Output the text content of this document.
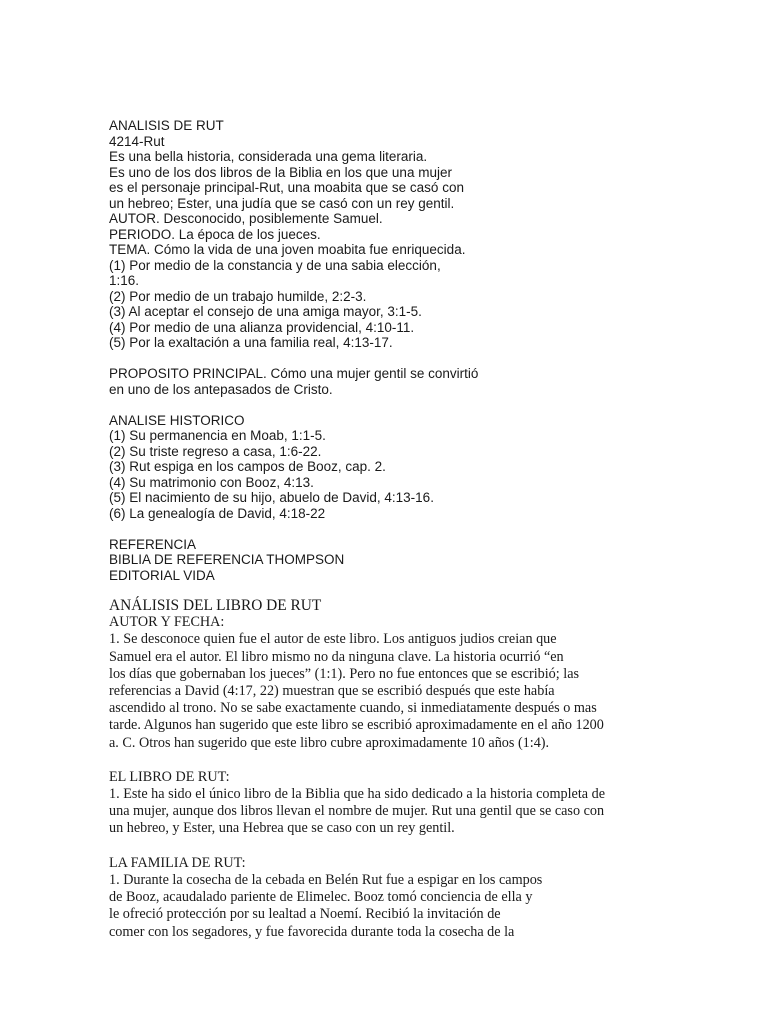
ANALISIS DE RUT
4214-Rut
Es una bella historia, considerada una gema literaria.
Es uno de los dos libros de la Biblia en los que una mujer
es el personaje principal-Rut, una moabita que se casó con
un hebreo; Ester, una judía que se casó con un rey gentil.
AUTOR. Desconocido, posiblemente Samuel.
PERIODO. La época de los jueces.
TEMA. Cómo la vida de una joven moabita fue enriquecida.
(1) Por medio de la constancia y de una sabia elección,
1:16.
(2) Por medio de un trabajo humilde, 2:2-3.
(3) Al aceptar el consejo de una amiga mayor, 3:1-5.
(4) Por medio de una alianza providencial, 4:10-11.
(5) Por la exaltación a una familia real, 4:13-17.
PROPOSITO PRINCIPAL. Cómo una mujer gentil se convirtió
en uno de los antepasados de Cristo.
ANALISE HISTORICO
(1) Su permanencia en Moab, 1:1-5.
(2) Su triste regreso a casa, 1:6-22.
(3) Rut espiga en los campos de Booz, cap. 2.
(4) Su matrimonio con Booz, 4:13.
(5) El nacimiento de su hijo, abuelo de David, 4:13-16.
(6) La genealogía de David, 4:18-22
REFERENCIA
BIBLIA DE REFERENCIA THOMPSON
EDITORIAL VIDA
ANÁLISIS DEL LIBRO DE RUT
AUTOR Y FECHA:
1. Se desconoce quien fue el autor de este libro. Los antiguos judios creian que
Samuel era el autor. El libro mismo no da ninguna clave. La historia ocurrió “en
los días que gobernaban los jueces” (1:1). Pero no fue entonces que se escribió; las
referencias a David (4:17, 22) muestran que se escribió después que este había
ascendido al trono. No se sabe exactamente cuando, si inmediatamente después o mas
tarde. Algunos han sugerido que este libro se escribió aproximadamente en el año 1200
a. C. Otros han sugerido que este libro cubre aproximadamente 10 años (1:4).
EL LIBRO DE RUT:
1. Este ha sido el único libro de la Biblia que ha sido dedicado a la historia completa de
una mujer, aunque dos libros llevan el nombre de mujer. Rut una gentil que se caso con
un hebreo, y Ester, una Hebrea que se caso con un rey gentil.
LA FAMILIA DE RUT:
1. Durante la cosecha de la cebada en Belén Rut fue a espigar en los campos
de Booz, acaudalado pariente de Elimelec. Booz tomó conciencia de ella y
le ofreció protección por su lealtad a Noemí. Recibió la invitación de
comer con los segadores, y fue favorecida durante toda la cosecha de la
